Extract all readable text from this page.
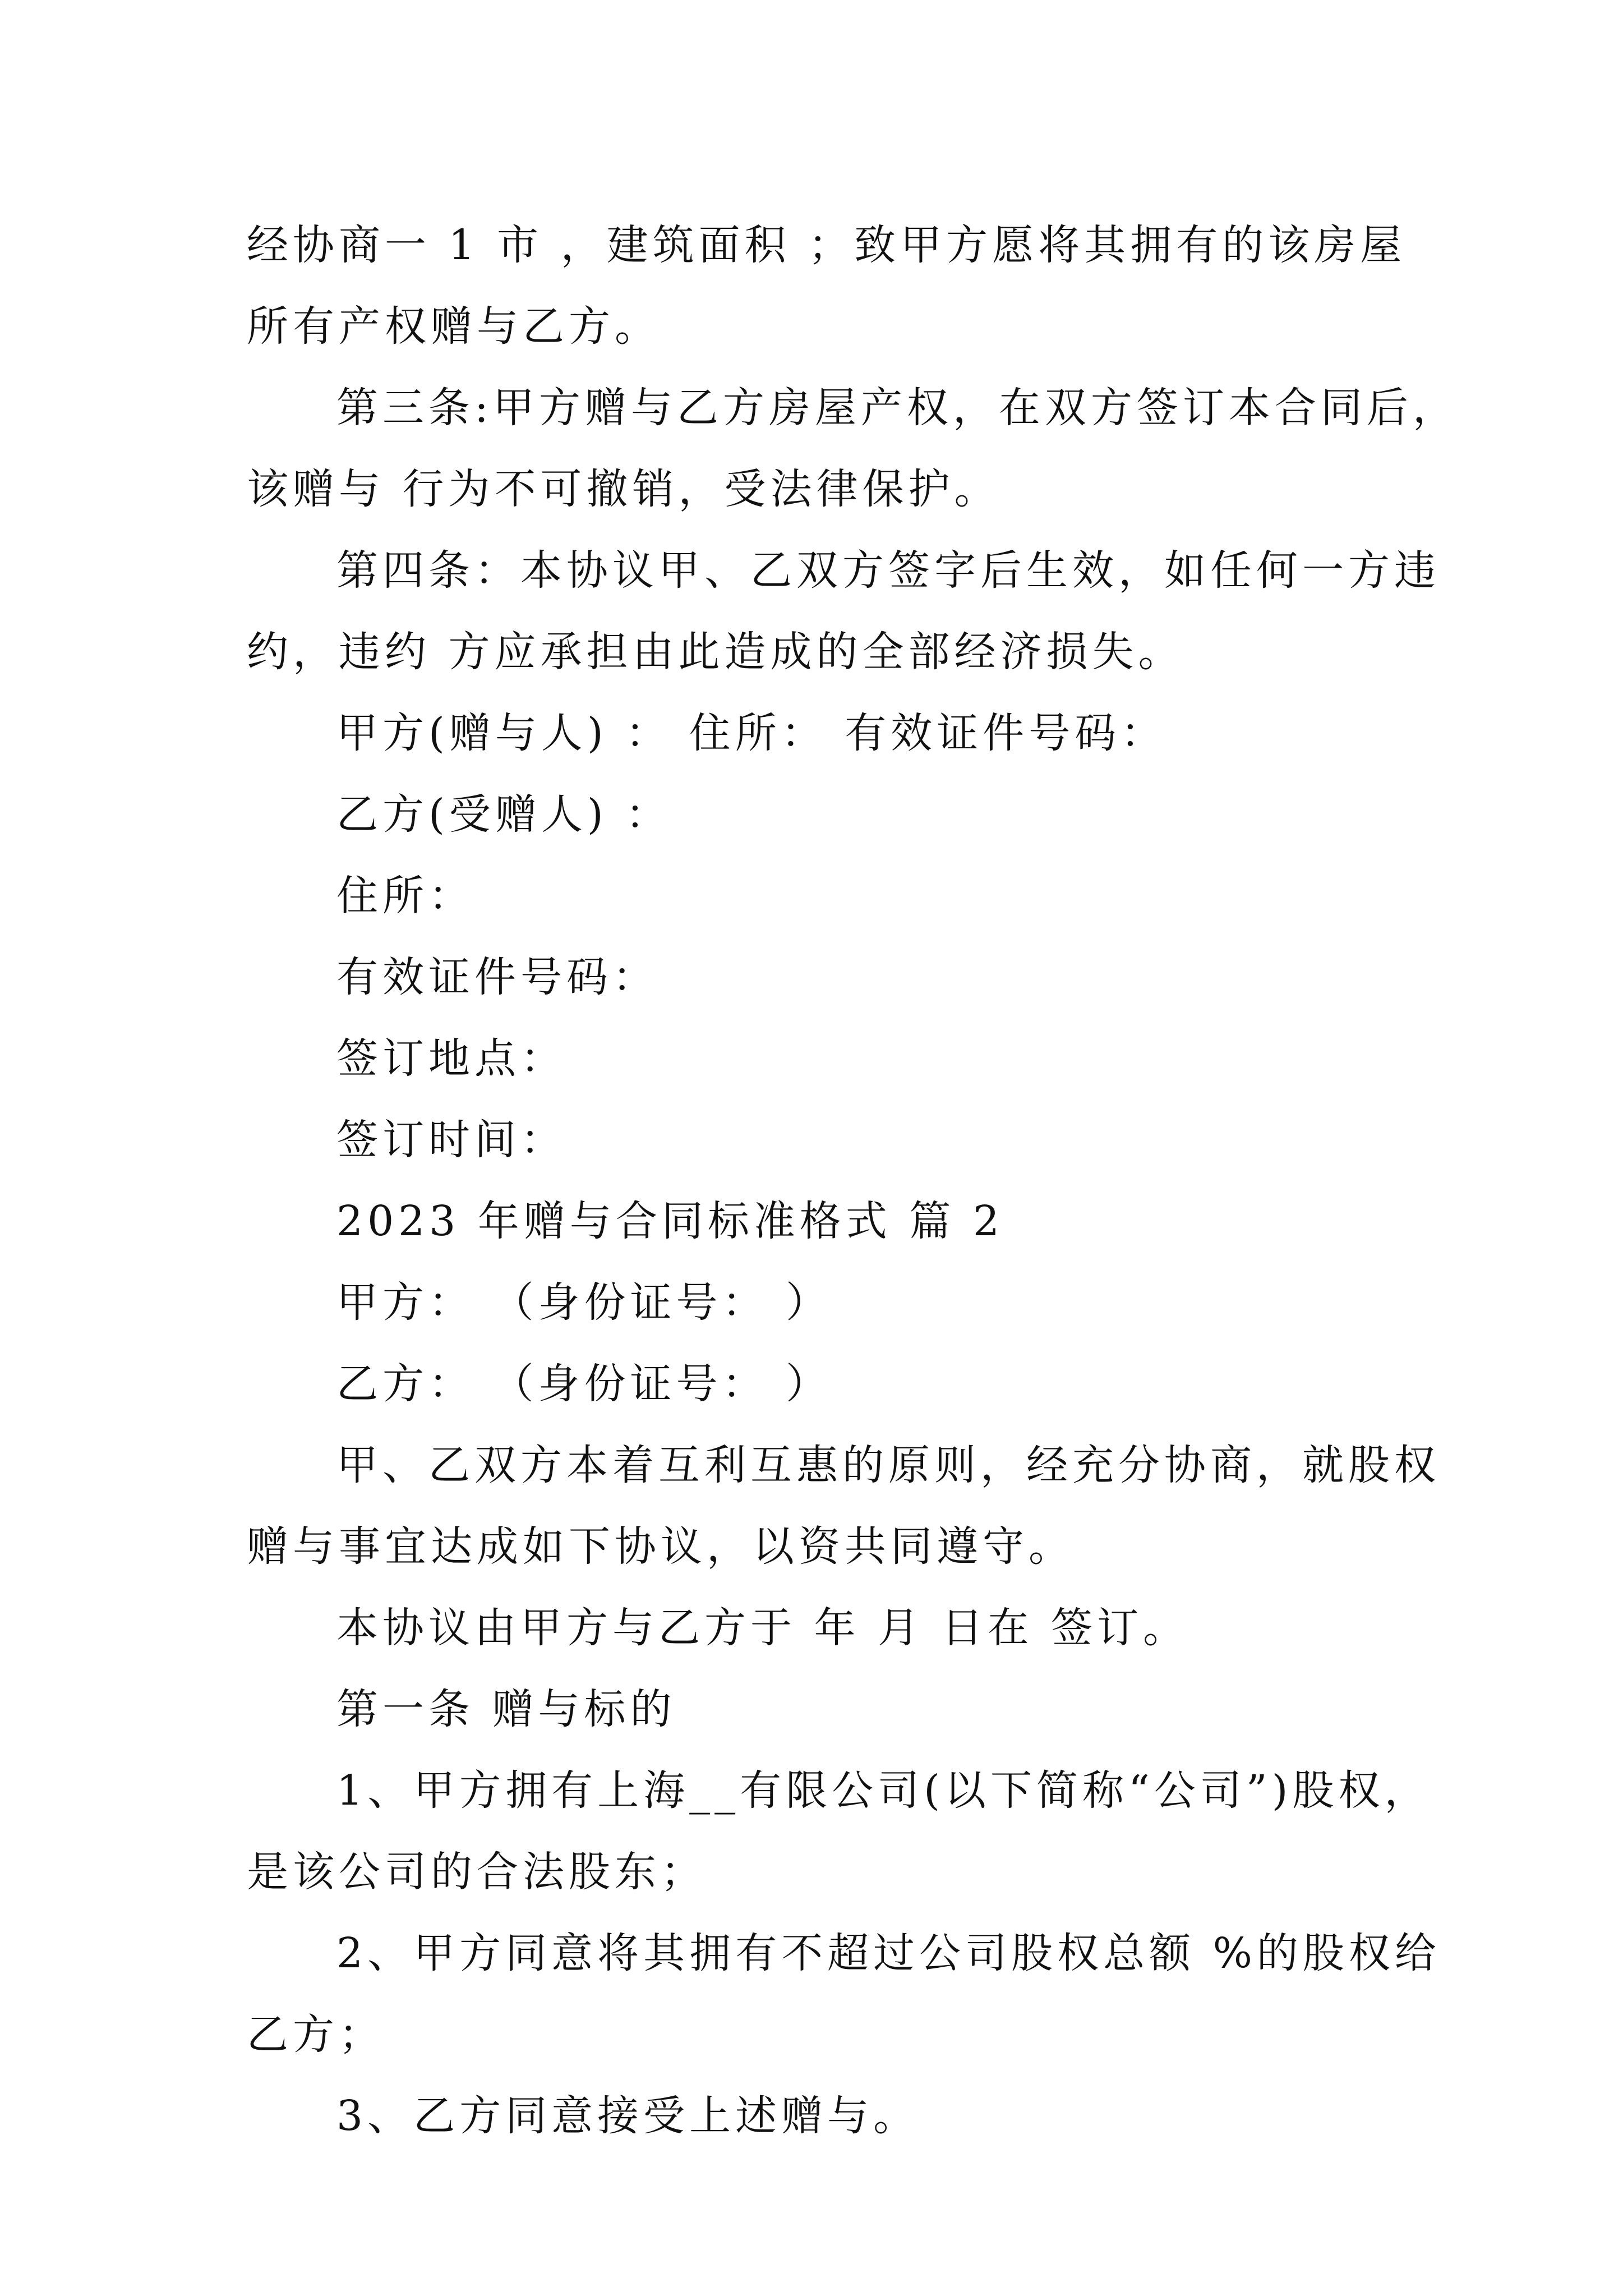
经协商一 1 市 ，建筑面积 ；致甲方愿将其拥有的该房屋
所有产权赠与乙方。
第三条:甲方赠与乙方房屋产权，在双方签订本合同后，
该赠与 行为不可撤销，受法律保护。
第四条：本协议甲、乙双方签字后生效，如任何一方违
约，违约 方应承担由此造成的全部经济损失。
甲方(赠与人) ： 住所： 有效证件号码：
乙方(受赠人) ：
住所：
有效证件号码：
签订地点：
签订时间：
2023 年赠与合同标准格式 篇 2
甲方： （身份证号： ）
乙方： （身份证号： ）
甲、乙双方本着互利互惠的原则，经充分协商，就股权
赠与事宜达成如下协议，以资共同遵守。
本协议由甲方与乙方于 年 月 日在 签订。
第一条 赠与标的
1、甲方拥有上海__有限公司(以下简称“公司”)股权，
是该公司的合法股东；
2、甲方同意将其拥有不超过公司股权总额 %的股权给
乙方；
3、乙方同意接受上述赠与。
